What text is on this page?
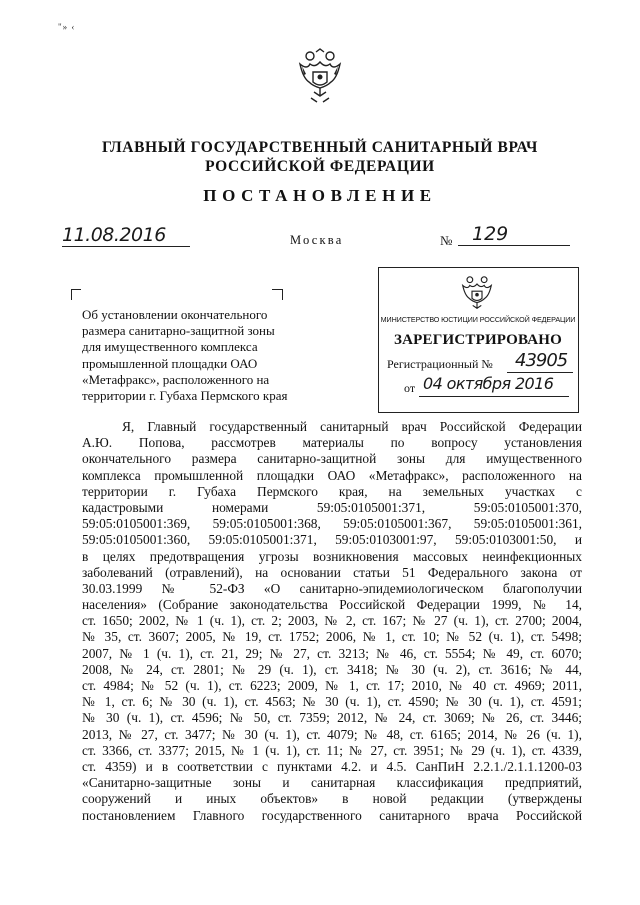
"» ‹
ГЛАВНЫЙ ГОСУДАРСТВЕННЫЙ САНИТАРНЫЙ ВРАЧ
РОССИЙСКОЙ ФЕДЕРАЦИИ
ПОСТАНОВЛЕНИЕ
11.08.2016	Москва	№	129
Об установлении окончательного
размера санитарно-защитной зоны
для имущественного комплекса
промышленной площадки ОАО
«Метафракс», расположенного на
территории г. Губаха Пермского края
МИНИСТЕРСТВО ЮСТИЦИИ РОССИЙСКОЙ ФЕДЕРАЦИИ
ЗАРЕГИСТРИРОВАНО
Регистрационный № 43905
от 04 октября 2016
Я, Главный государственный санитарный врач Российской Федерации
А.Ю. Попова, рассмотрев материалы по вопросу установления
окончательного размера санитарно-защитной зоны для имущественного
комплекса промышленной площадки ОАО «Метафракс», расположенного на
территории г. Губаха Пермского края, на земельных участках с
кадастровыми номерами 59:05:0105001:371, 59:05:0105001:370,
59:05:0105001:369, 59:05:0105001:368, 59:05:0105001:367, 59:05:0105001:361,
59:05:0105001:360, 59:05:0105001:371, 59:05:0103001:97, 59:05:0103001:50, и
в целях предотвращения угрозы возникновения массовых неинфекционных
заболеваний (отравлений), на основании статьи 51 Федерального закона от
30.03.1999 № 52-ФЗ «О санитарно-эпидемиологическом благополучии
населения» (Собрание законодательства Российской Федерации 1999, № 14,
ст. 1650; 2002, № 1 (ч. 1), ст. 2; 2003, № 2, ст. 167; № 27 (ч. 1), ст. 2700; 2004,
№ 35, ст. 3607; 2005, № 19, ст. 1752; 2006, № 1, ст. 10; № 52 (ч. 1), ст. 5498;
2007, № 1 (ч. 1), ст. 21, 29; № 27, ст. 3213; № 46, ст. 5554; № 49, ст. 6070;
2008, № 24, ст. 2801; № 29 (ч. 1), ст. 3418; № 30 (ч. 2), ст. 3616; № 44,
ст. 4984; № 52 (ч. 1), ст. 6223; 2009, № 1, ст. 17; 2010, № 40 ст. 4969; 2011,
№ 1, ст. 6; № 30 (ч. 1), ст. 4563; № 30 (ч. 1), ст. 4590; № 30 (ч. 1), ст. 4591;
№ 30 (ч. 1), ст. 4596; № 50, ст. 7359; 2012, № 24, ст. 3069; № 26, ст. 3446;
2013, № 27, ст. 3477; № 30 (ч. 1), ст. 4079; № 48, ст. 6165; 2014, № 26 (ч. 1),
ст. 3366, ст. 3377; 2015, № 1 (ч. 1), ст. 11; № 27, ст. 3951; № 29 (ч. 1), ст. 4339,
ст. 4359) и в соответствии с пунктами 4.2. и 4.5. СанПиН 2.2.1./2.1.1.1200-03
«Санитарно-защитные зоны и санитарная классификация предприятий,
сооружений и иных объектов» в новой редакции (утверждены
постановлением Главного государственного санитарного врача Российской
